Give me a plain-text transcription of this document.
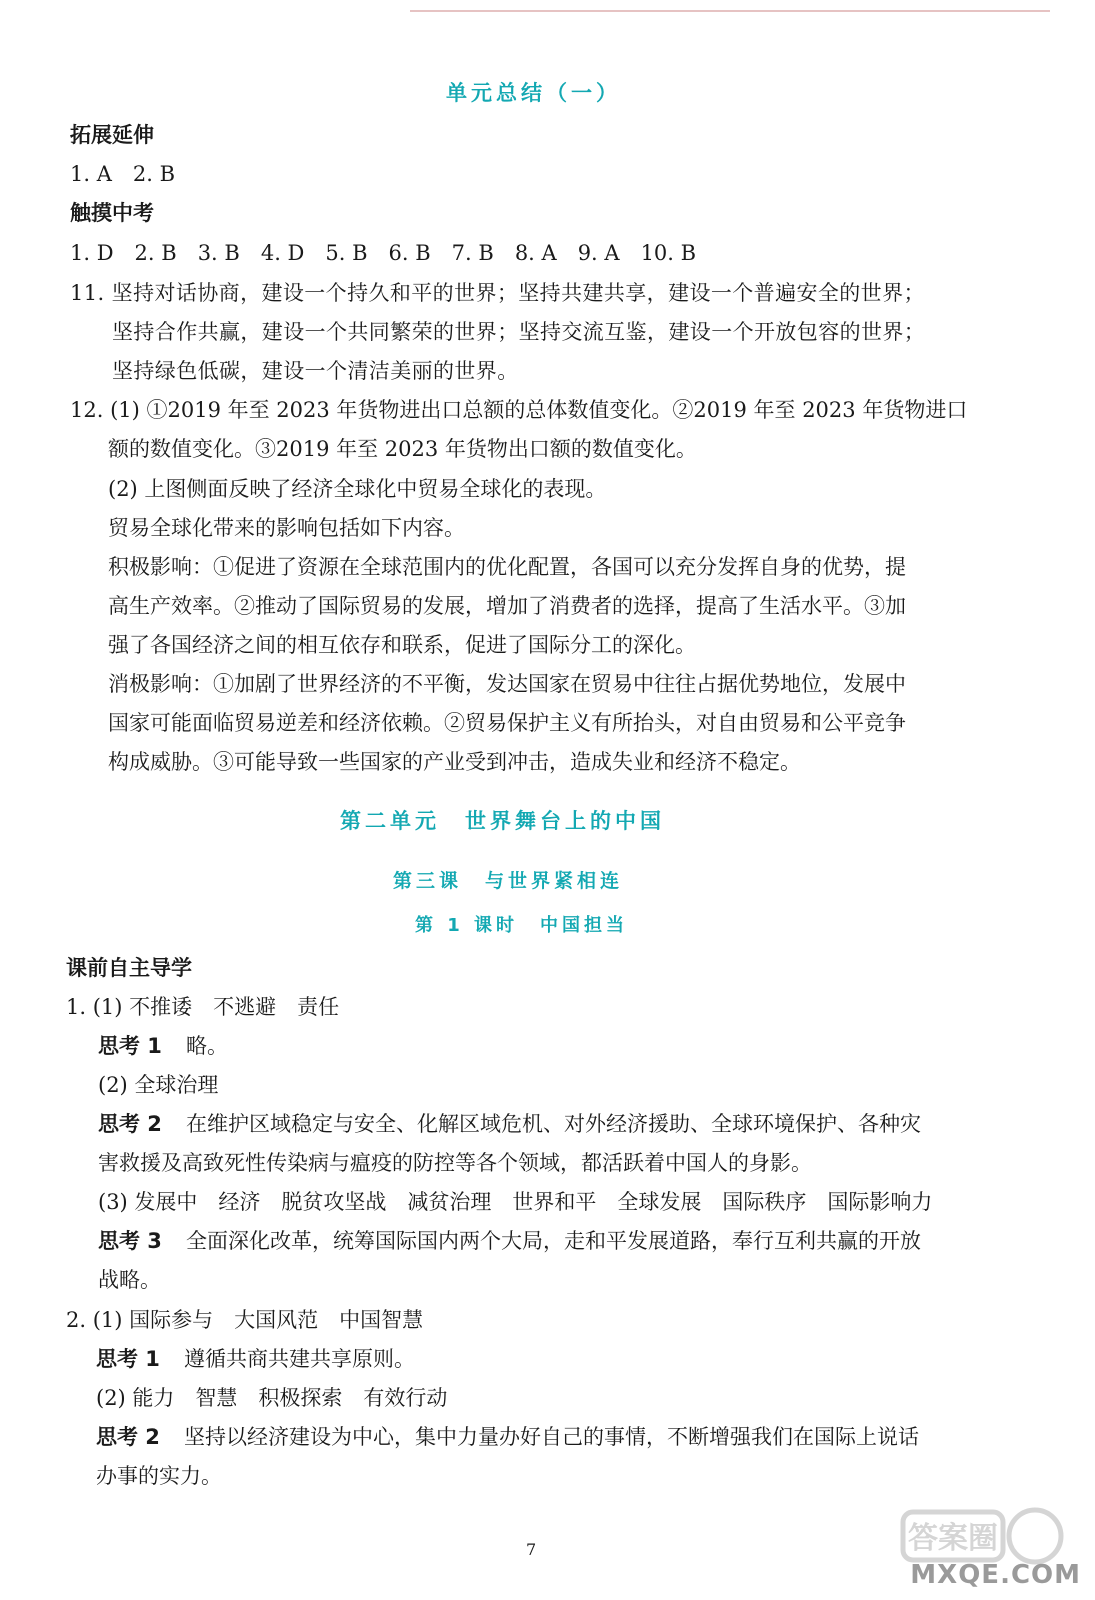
单元总结（一）
拓展延伸
1. A　2. B
触摸中考
1. D　2. B　3. B　4. D　5. B　6. B　7. B　8. A　9. A　10. B
11. 坚持对话协商，建设一个持久和平的世界；坚持共建共享，建设一个普遍安全的世界；
坚持合作共赢，建设一个共同繁荣的世界；坚持交流互鉴，建设一个开放包容的世界；
坚持绿色低碳，建设一个清洁美丽的世界。
12. (1) ①2019 年至 2023 年货物进出口总额的总体数值变化。②2019 年至 2023 年货物进口
额的数值变化。③2019 年至 2023 年货物出口额的数值变化。
(2) 上图侧面反映了经济全球化中贸易全球化的表现。
贸易全球化带来的影响包括如下内容。
积极影响：①促进了资源在全球范围内的优化配置，各国可以充分发挥自身的优势，提
高生产效率。②推动了国际贸易的发展，增加了消费者的选择，提高了生活水平。③加
强了各国经济之间的相互依存和联系，促进了国际分工的深化。
消极影响：①加剧了世界经济的不平衡，发达国家在贸易中往往占据优势地位，发展中
国家可能面临贸易逆差和经济依赖。②贸易保护主义有所抬头，对自由贸易和公平竞争
构成威胁。③可能导致一些国家的产业受到冲击，造成失业和经济不稳定。
第二单元　世界舞台上的中国
第三课　与世界紧相连
第 1 课时　中国担当
课前自主导学
1. (1) 不推诿　不逃避　责任
思考 1 略。
(2) 全球治理
思考 2 在维护区域稳定与安全、化解区域危机、对外经济援助、全球环境保护、各种灾
害救援及高致死性传染病与瘟疫的防控等各个领域，都活跃着中国人的身影。
(3) 发展中　经济　脱贫攻坚战　减贫治理　世界和平　全球发展　国际秩序　国际影响力
思考 3 全面深化改革，统筹国际国内两个大局，走和平发展道路，奉行互利共赢的开放
战略。
2. (1) 国际参与　大国风范　中国智慧
思考 1 遵循共商共建共享原则。
(2) 能力　智慧　积极探索　有效行动
思考 2 坚持以经济建设为中心，集中力量办好自己的事情，不断增强我们在国际上说话
办事的实力。
7	答案圈
MXQE.COM
